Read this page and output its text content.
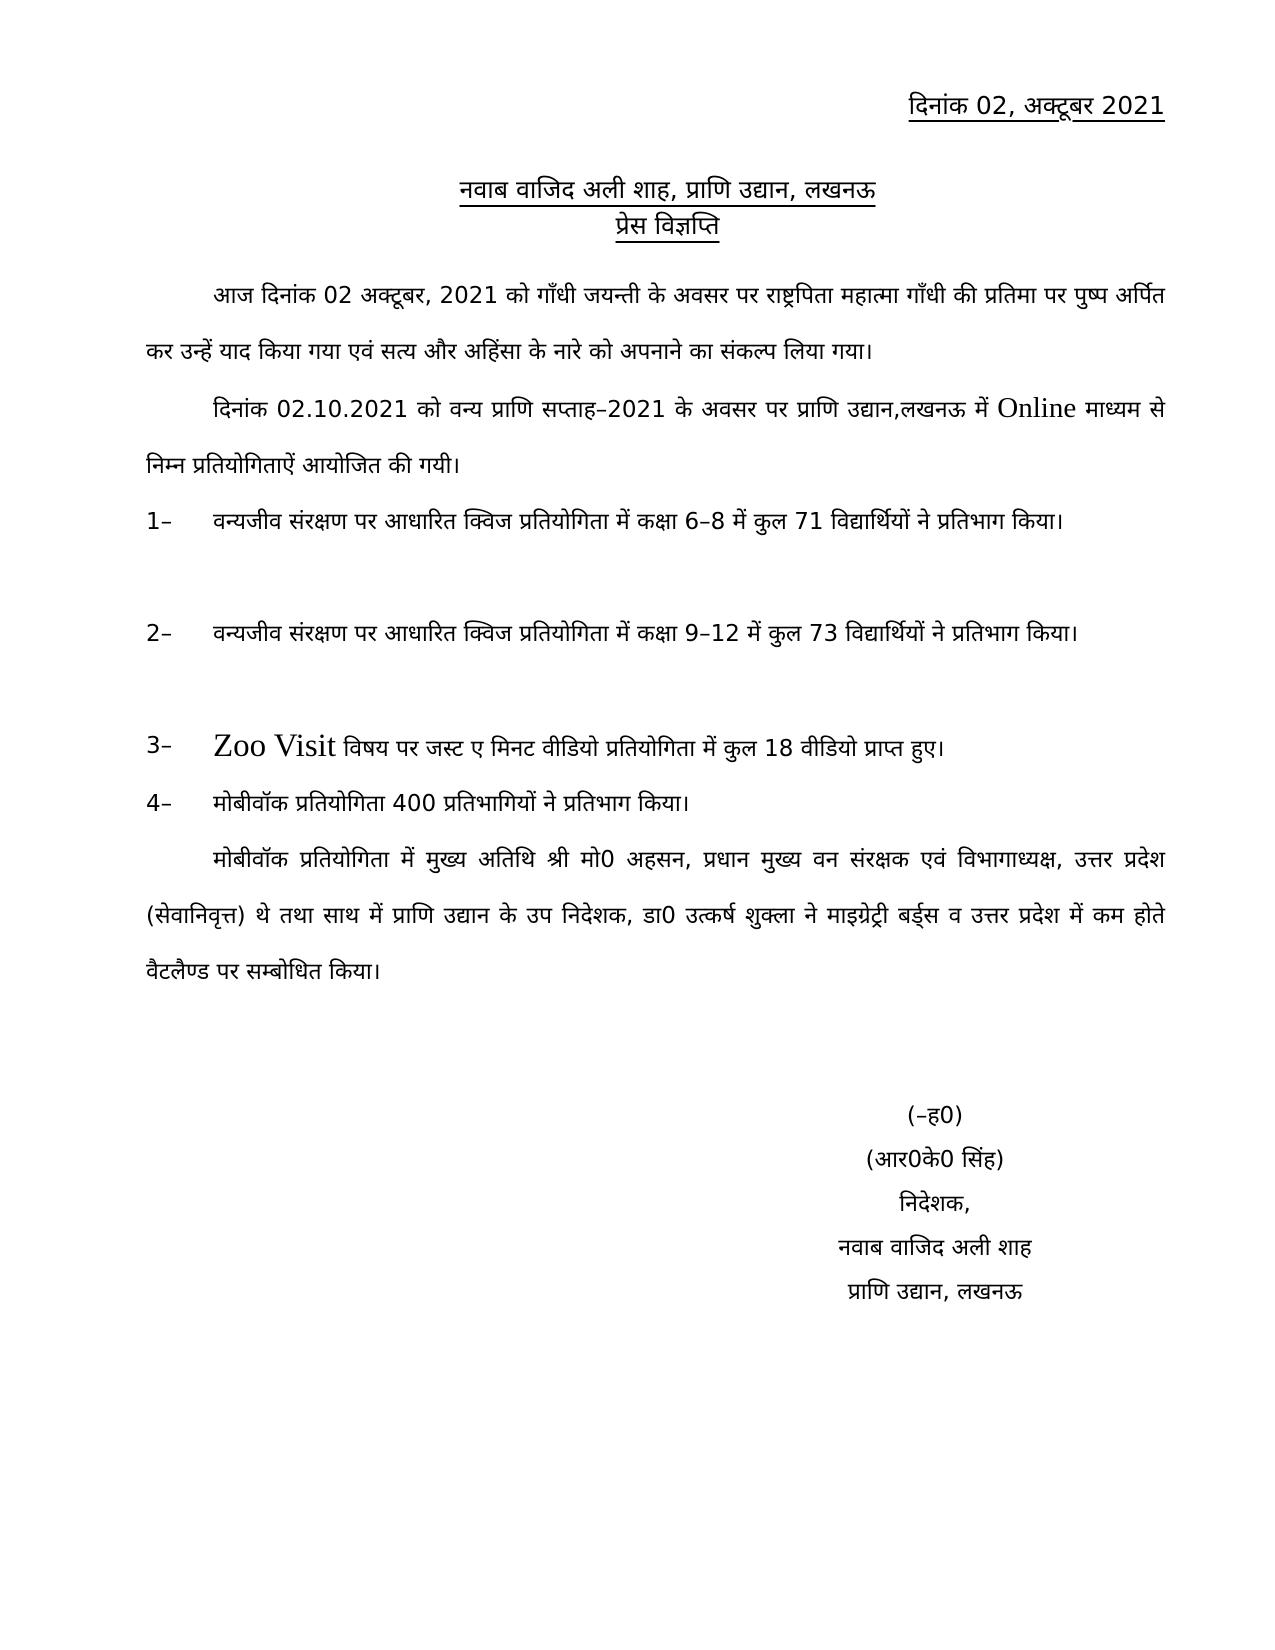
दिनांक 02, अक्टूबर 2021
नवाब वाजिद अली शाह, प्राणि उद्यान, लखनऊ
प्रेस विज्ञप्ति
आज दिनांक 02 अक्टूबर, 2021 को गाँधी जयन्ती के अवसर पर राष्ट्रपिता महात्मा गाँधी की प्रतिमा पर पुष्प अर्पित कर उन्हें याद किया गया एवं सत्य और अहिंसा के नारे को अपनाने का संकल्प लिया गया।
दिनांक 02.10.2021 को वन्य प्राणि सप्ताह–2021 के अवसर पर प्राणि उद्यान,लखनऊ में Online माध्यम से निम्न प्रतियोगिताऐं आयोजित की गयी।
1–	वन्यजीव संरक्षण पर आधारित क्विज प्रतियोगिता में कक्षा 6–8 में कुल 71 विद्यार्थियों ने प्रतिभाग किया।
2–	वन्यजीव संरक्षण पर आधारित क्विज प्रतियोगिता में कक्षा 9–12 में कुल 73 विद्यार्थियों ने प्रतिभाग किया।
3–	Zoo Visit विषय पर जस्ट ए मिनट वीडियो प्रतियोगिता में कुल 18 वीडियो प्राप्त हुए।
4–	मोबीवॉक प्रतियोगिता 400 प्रतिभागियों ने प्रतिभाग किया।
मोबीवॉक प्रतियोगिता में मुख्य अतिथि श्री मो0 अहसन, प्रधान मुख्य वन संरक्षक एवं विभागाध्यक्ष, उत्तर प्रदेश (सेवानिवृत्त) थे तथा साथ में प्राणि उद्यान के उप निदेशक, डा0 उत्कर्ष शुक्ला ने माइग्रेट्री बर्ड्स व उत्तर प्रदेश में कम होते वैटलैण्ड पर सम्बोधित किया।
(–ह0)
(आर0के0 सिंह)
निदेशक,
नवाब वाजिद अली शाह
प्राणि उद्यान, लखनऊ
